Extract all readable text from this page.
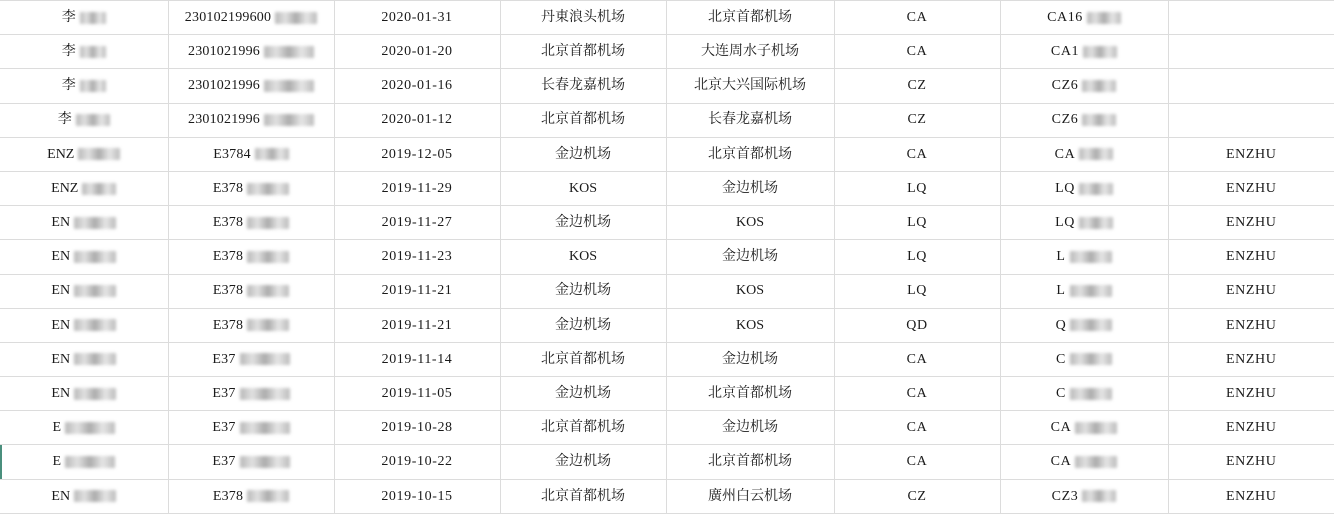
李	230102199600	2020-01-31	丹東浪头机场	北京首都机场	CA	CA16	

李	2301021996	2020-01-20	北京首都机场	大连周水子机场	CA	CA1	

李	2301021996	2020-01-16	长春龙嘉机场	北京大兴国际机场	CZ	CZ6	

李	2301021996	2020-01-12	北京首都机场	长春龙嘉机场	CZ	CZ6	

ENZ	E3784	2019-12-05	金边机场	北京首都机场	CA	CA	ENZHU

ENZ	E378	2019-11-29	KOS	金边机场	LQ	LQ	ENZHU

EN	E378	2019-11-27	金边机场	KOS	LQ	LQ	ENZHU

EN	E378	2019-11-23	KOS	金边机场	LQ	L	ENZHU

EN	E378	2019-11-21	金边机场	KOS	LQ	L	ENZHU

EN	E378	2019-11-21	金边机场	KOS	QD	Q	ENZHU

EN	E37	2019-11-14	北京首都机场	金边机场	CA	C	ENZHU

EN	E37	2019-11-05	金边机场	北京首都机场	CA	C	ENZHU

E	E37	2019-10-28	北京首都机场	金边机场	CA	CA	ENZHU

E	E37	2019-10-22	金边机场	北京首都机场	CA	CA	ENZHU

EN	E378	2019-10-15	北京首都机场	廣州白云机场	CZ	CZ3	ENZHU
